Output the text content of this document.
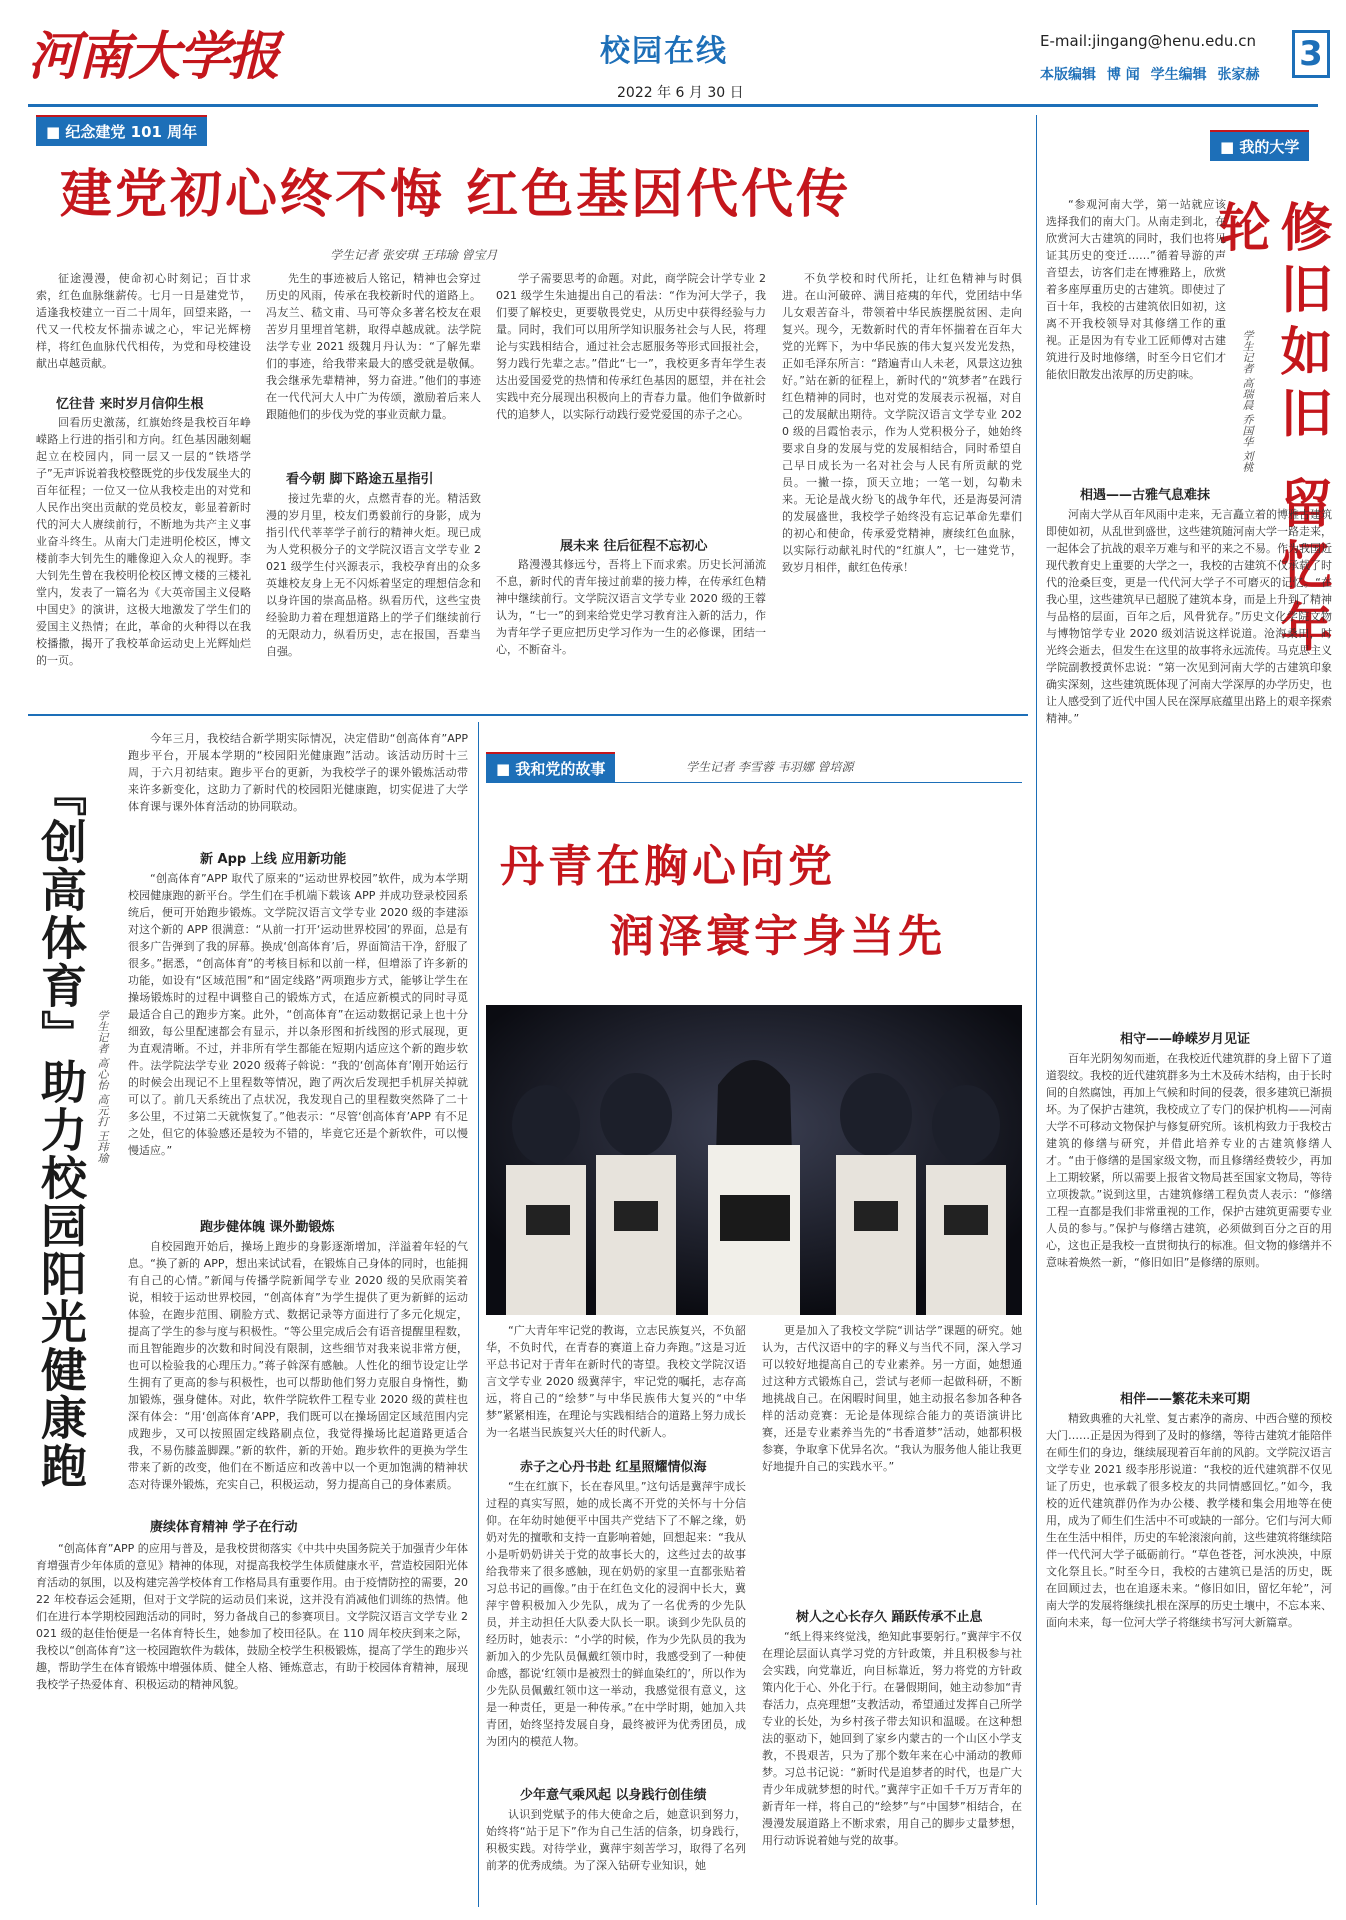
河南大学报	校园在线	E-mail:jingang@henu.edu.cn 3
本版编辑 博 闻 学生编辑 张家赫
2022 年 6 月 30 日
■ 纪念建党 101 周年
建党初心终不悔 红色基因代代传
学生记者 张安琪 王玮瑜 曾宝月

征途漫漫，使命初心时刻记；百廿求索，红色血脉继薪传。七月一日是建党节，适逢我校建立一百二十周年，回望来路，一代又一代校友怀揣赤诚之心，牢记光辉榜样，将红色血脉代代相传，为党和母校建设献出卓越贡献。

忆往昔 来时岁月信仰生根

回看历史激荡，红旗始终是我校百年峥嵘路上行进的指引和方向。红色基因融刻崛起立在校园内，同一层又一层的“铁塔学子”无声诉说着我校整既党的步伐发展坐大的百年征程；一位又一位从我校走出的对党和人民作出突出贡献的党员校友，彰显着新时代的河大人赓续前行，不断地为共产主义事业奋斗终生。从南大门走进明伦校区，博文楼前李大钊先生的雕像迎入众人的视野。李大钊先生曾在我校明伦校区博文楼的三楼礼堂内，发表了一篇名为《大英帝国主义侵略中国史》的演讲，这极大地激发了学生们的爱国主义热情；在此，革命的火种得以在我校播撒，揭开了我校革命运动史上光辉灿烂的一页。

先生的事迹被后人铭记，精神也会穿过历史的风雨，传承在我校新时代的道路上。冯友兰、嵇文甫、马可等众多著名校友在艰苦岁月里埋首笔耕，取得卓越成就。法学院法学专业 2021 级魏月丹认为：“了解先辈们的事迹，给我带来最大的感受就是敬佩。我会继承先辈精神，努力奋进。”他们的事迹在一代代河大人中广为传颂，激励着后来人跟随他们的步伐为党的事业贡献力量。

看今朝 脚下路途五星指引

接过先辈的火，点燃青春的光。精活致漫的岁月里，校友们勇毅前行的身影，成为指引代代莘莘学子前行的精神火炬。现已成为人党积极分子的文学院汉语言文学专业 2021 级学生付兴源表示，我校孕育出的众多英雄校友身上无不闪烁着坚定的理想信念和以身许国的崇高品格。纵看历代，这些宝贵经验助力着在理想道路上的学子们继续前行的无限动力，纵看历史，志在报国，吾辈当自强。

学子需要思考的命题。对此，商学院会计学专业 2021 级学生朱迪提出自己的看法：“作为河大学子，我们要了解校史，更要敬畏党史，从历史中获得经验与力量。同时，我们可以用所学知识服务社会与人民，将理论与实践相结合，通过社会志愿服务等形式回报社会，努力践行先辈之志。”借此“七一”，我校更多青年学生表达出爱国爱党的热情和传承红色基因的愿望，并在社会实践中充分展现出积极向上的青春力量。他们争做新时代的追梦人，以实际行动践行爱党爱国的赤子之心。

展未来 往后征程不忘初心

路漫漫其修远兮，吾将上下而求索。历史长河涌流不息，新时代的青年接过前辈的接力棒，在传承红色精神中继续前行。文学院汉语言文学专业 2020 级的王蓉认为，“七一”的到来给党史学习教育注入新的活力，作为青年学子更应把历史学习作为一生的必修课，团结一心，不断奋斗。

不负学校和时代所托，让红色精神与时俱进。在山河破碎、满目疮痍的年代，党团结中华儿女艰苦奋斗，带领着中华民族摆脱贫困、走向复兴。现今，无数新时代的青年怀揣着在百年大党的光辉下，为中华民族的伟大复兴发光发热，正如毛泽东所言：“踏遍青山人未老，风景这边独好。”站在新的征程上，新时代的“筑梦者”在践行红色精神的同时，也对党的发展表示祝福，对自己的发展献出期待。文学院汉语言文学专业 2020 级的吕霞怡表示，作为人党积极分子，她始终要求自身的发展与党的发展相结合，同时希望自己早日成长为一名对社会与人民有所贡献的党员。一撇一捺，顶天立地；一笔一划，勾勒未来。无论是战火纷飞的战争年代，还是海晏河清的发展盛世，我校学子始终没有忘记革命先辈们的初心和使命，传承爱党精神，赓续红色血脉，以实际行动献礼时代的“红旗人”，七一建党节，致岁月相伴，献红色传承！

『创高体育』助力校园阳光健康跑 学生记者 高心怡 高元打 王玮瑜

今年三月，我校结合新学期实际情况，决定借助“创高体育”APP 跑步平台，开展本学期的“校园阳光健康跑”活动。该活动历时十三周，于六月初结束。跑步平台的更新，为我校学子的课外锻炼活动带来许多新变化，这助力了新时代的校园阳光健康跑，切实促进了大学体育课与课外体育活动的协同联动。

新 App 上线 应用新功能

“创高体育”APP 取代了原来的“运动世界校园”软件，成为本学期校园健康跑的新平台。学生们在手机端下载该 APP 并成功登录校园系统后，便可开始跑步锻炼。文学院汉语言文学专业 2020 级的李建添对这个新的 APP 很满意：“从前一打开‘运动世界校园’的界面，总是有很多广告弹到了我的屏幕。换成‘创高体育’后，界面简洁干净，舒服了很多。”据悉，“创高体育”的考核目标和以前一样，但增添了许多新的功能，如设有“区域范围”和“固定线路”两项跑步方式，能够让学生在操场锻炼时的过程中调整自己的锻炼方式，在适应新模式的同时寻觅最适合自己的跑步方案。此外，“创高体育”在运动数据记录上也十分细致，每公里配速都会有显示，并以条形图和折线图的形式展现，更为直观清晰。不过，并非所有学生都能在短期内适应这个新的跑步软件。法学院法学专业 2020 级蒋子斡说：“我的‘创高体育’刚开始运行的时候会出现记不上里程数等情况，跑了两次后发现把手机屏关掉就可以了。前几天系统出了点状况，我发现自己的里程数突然降了二十多公里，不过第二天就恢复了。”他表示：“尽管‘创高体育’APP 有不足之处，但它的体验感还是较为不错的，毕竟它还是个新软件，可以慢慢适应。”

跑步健体魄 课外勤锻炼

自校园跑开始后，操场上跑步的身影逐渐增加，洋溢着年轻的气息。“换了新的 APP，想出来试试看，在锻炼自己身体的同时，也能拥有自己的心情。”新闻与传播学院新闻学专业 2020 级的吴欣雨笑着说，相较于运动世界校园，“创高体育”为学生提供了更为新鲜的运动体验，在跑步范围、刷脸方式、数据记录等方面进行了多元化规定，提高了学生的参与度与积极性。“等公里完成后会有语音提醒里程数，而且智能跑步的次数和时间没有限制，这些细节对我来说非常方便，也可以检验我的心理压力。”蒋子斡深有感触。人性化的细节设定让学生拥有了更高的参与积极性，也可以帮助他们努力克服自身惰性，勤加锻炼，强身健体。对此，软件学院软件工程专业 2020 级的黄柱也深有体会：“用‘创高体育’APP，我们既可以在操场固定区域范围内完成跑步，又可以按照固定线路刷点位，我觉得操场比起道路更适合我，不易伤膝盖脚踝。”新的软件，新的开始。跑步软件的更换为学生带来了新的改变，他们在不断适应和改善中以一个更加饱满的精神状态对待课外锻炼，充实自己，积极运动，努力提高自己的身体素质。

赓续体育精神 学子在行动

“创高体育”APP 的应用与普及，是我校贯彻落实《中共中央国务院关于加强青少年体育增强青少年体质的意见》精神的体现，对提高我校学生体质健康水平，营造校园阳光体育活动的氛围，以及构建完善学校体育工作格局具有重要作用。由于疫情防控的需要，2022 年校春运会延期，但对于文学院的运动员们来说，这并没有消减他们训练的热情。他们在进行本学期校园跑活动的同时，努力备战自己的参赛项目。文学院汉语言文学专业 2021 级的赵佳怡便是一名体育特长生，她参加了校田径队。在 110 周年校庆到来之际，我校以“创高体育”这一校园跑软件为载体，鼓励全校学生积极锻炼，提高了学生的跑步兴趣，帮助学生在体育锻炼中增强体质、健全人格、锤炼意志，有助于校园体育精神，展现我校学子热爱体育、积极运动的精神风貌。

■ 我和党的故事	学生记者 李雪蓉 韦羽娜 曾培源
丹青在胸心向党
润泽寰宇身当先

“广大青年牢记党的教诲，立志民族复兴，不负韶华，不负时代，在青春的赛道上奋力奔跑。”这是习近平总书记对于青年在新时代的寄望。我校文学院汉语言文学专业 2020 级冀萍宇，牢记党的嘱托，志存高远，将自己的“绘梦”与中华民族伟大复兴的“中华梦”紧紧相连，在理论与实践相结合的道路上努力成长为一名堪当民族复兴大任的时代新人。

赤子之心丹书赴 红星照耀情似海

“生在红旗下，长在春风里。”这句话是冀萍宇成长过程的真实写照，她的成长离不开党的关怀与十分信仰。在年幼时她便平中国共产党结下了不解之缘，奶奶对先的擅歌和支持一直影响着她，回想起来：“我从小是听奶奶讲关于党的故事长大的，这些过去的故事给我带来了很多感触，现在奶奶的家里一直都张贴着习总书记的画像。”由于在红色文化的浸润中长大，冀萍宇曾积极加入少先队，成为了一名优秀的少先队员，并主动担任大队委大队长一职。谈到少先队员的经历时，她表示：“小学的时候，作为少先队员的我为新加入的少先队员佩戴红领巾时，我感受到了一种使命感，都说‘红领巾是被烈士的鲜血染红的’，所以作为少先队员佩戴红领巾这一举动，我感觉很有意义，这是一种责任，更是一种传承。”在中学时期，她加入共青团，始终坚持发展自身，最终被评为优秀团员，成为团内的模范人物。

少年意气乘风起 以身践行创佳绩

认识到党赋予的伟大使命之后，她意识到努力，始终将“站于足下”作为自己生活的信条，切身践行，积极实践。对待学业，冀萍宇刻苦学习，取得了名列前茅的优秀成绩。为了深入钻研专业知识，她

更是加入了我校文学院“训诂学”课题的研究。她认为，古代汉语中的字的释义与当代不同，深入学习可以较好地提高自己的专业素养。另一方面，她想通过这种方式锻炼自己，尝试与老师一起做科研，不断地挑战自己。在闲暇时间里，她主动报名参加各种各样的活动竞赛：无论是体现综合能力的英语演讲比赛，还是专业素养当先的“书香道梦”活动，她都积极参赛，争取拿下优异名次。“我认为服务他人能让我更好地提升自己的实践水平。”

树人之心长存久 踊跃传承不止息

“纸上得来终觉浅，绝知此事要躬行。”冀萍宇不仅在理论层面认真学习党的方针政策，并且积极参与社会实践，向党靠近，向目标靠近，努力将党的方针政策内化于心、外化于行。在暑假期间，她主动参加“青春活力，点亮理想”支教活动，希望通过发挥自己所学专业的长处，为乡村孩子带去知识和温暖。在这种想法的驱动下，她回到了家乡内蒙古的一个山区小学支教，不畏艰苦，只为了那个数年来在心中涌动的教师梦。习总书记说：“新时代是追梦者的时代，也是广大青少年成就梦想的时代。”冀萍宇正如千千万万青年的新青年一样，将自己的“绘梦”与“中国梦”相结合，在漫漫发展道路上不断求索，用自己的脚步丈量梦想，用行动诉说着她与党的故事。

■ 我的大学
修旧如旧 留忆年轮
学生记者 高瑞晨 乔国华 刘桃

“参观河南大学，第一站就应该选择我们的南大门。从南走到北，在欣赏河大古建筑的同时，我们也将见证其历史的变迁……”循着导游的声音望去，访客们走在博雅路上，欣赏着多座厚重历史的古建筑。即使过了百十年，我校的古建筑依旧如初，这离不开我校领导对其修缮工作的重视。正是因为有专业工匠师傅对古建筑进行及时地修缮，时至今日它们才能依旧散发出浓厚的历史韵味。

相遇——古雅气息难抹

河南大学从百年风雨中走来，无言矗立着的博雅古建筑即使如初，从乱世到盛世，这些建筑随河南大学一路走来，一起体会了抗战的艰辛万难与和平的来之不易。作为我国近现代教育史上重要的大学之一，我校的古建筑不仅承载了时代的沧桑巨变，更是一代代河大学子不可磨灭的记忆。“在我心里，这些建筑早已超脱了建筑本身，而是上升到了精神与品格的层面，百年之后，风骨犹存。”历史文化学院文物与博物馆学专业 2020 级刘洁说这样说道。沧海桑田，时光终会逝去，但发生在这里的故事将永远流传。马克思主义学院副教授黄怀忠说：“第一次见到河南大学的古建筑印象确实深刻，这些建筑既体现了河南大学深厚的办学历史，也让人感受到了近代中国人民在深厚底蕴里出路上的艰辛探索精神。”

相守——峥嵘岁月见证

百年光阴匆匆而逝，在我校近代建筑群的身上留下了道道裂纹。我校的近代建筑群多为土木及砖木结构，由于长时间的自然腐蚀，再加上气候和时间的侵袭，很多建筑已渐损坏。为了保护古建筑，我校成立了专门的保护机构——河南大学不可移动文物保护与修复研究所。该机构致力于我校古建筑的修缮与研究，并借此培养专业的古建筑修缮人才。“由于修缮的是国家级文物，而且修缮经费较少，再加上工期较紧，所以需要上报省文物局甚至国家文物局，等待立项拨款。”说到这里，古建筑修缮工程负责人表示：“修缮工程一直都是我们非常重视的工作，保护古建筑更需要专业人员的参与。”保护与修缮古建筑，必须做到百分之百的用心，这也正是我校一直贯彻执行的标准。但文物的修缮并不意味着焕然一新，“修旧如旧”是修缮的原则。

相伴——繁花未来可期

精致典雅的大礼堂、复古素净的斋房、中西合璧的预校大门……正是因为得到了及时的修缮，等待古建筑才能陪伴在师生们的身边，继续展现着百年前的风韵。文学院汉语言文学专业 2021 级李彤彤说道：“我校的近代建筑群不仅见证了历史，也承载了很多校友的共同情感回忆。”如今，我校的近代建筑群仍作为办公楼、教学楼和集会用地等在使用，成为了师生们生活中不可或缺的一部分。它们与河大师生在生活中相伴，历史的车轮滚滚向前，这些建筑将继续陪伴一代代河大学子砥砺前行。“草色苍苍，河水泱泱，中原文化祭且长。”时至今日，我校的古建筑已是活的历史，既在回顾过去，也在追逐未来。“修旧如旧，留忆年轮”，河南大学的发展将继续扎根在深厚的历史土壤中，不忘本来、面向未来，每一位河大学子将继续书写河大新篇章。
